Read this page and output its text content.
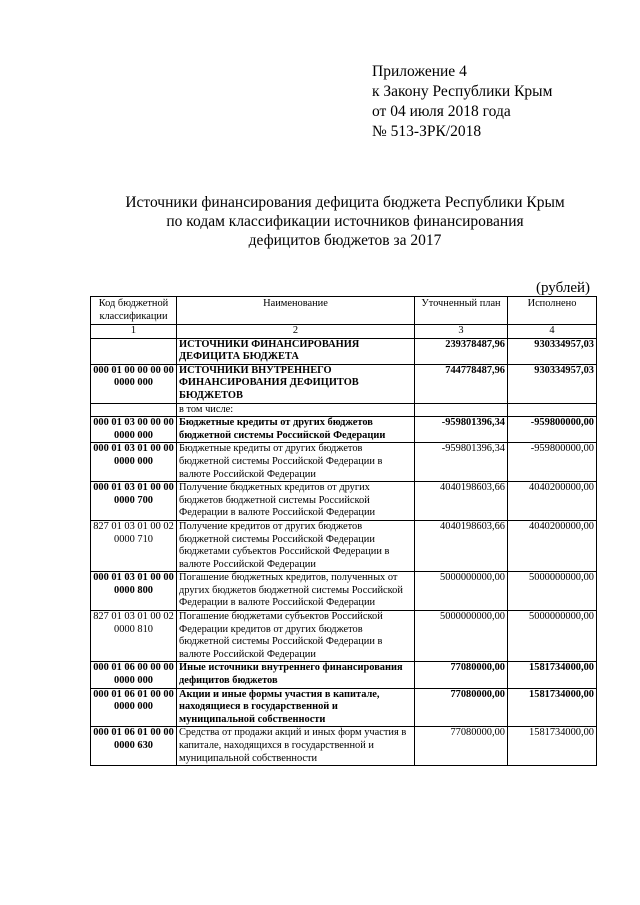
Приложение 4
к Закону Республики Крым
от 04 июля 2018 года
№ 513-ЗРК/2018
Источники финансирования дефицита бюджета Республики Крым
по кодам классификации источников финансирования
дефицитов бюджетов за 2017
(рублей)
Код бюджетной классификации	Наименование	Уточненный план	Исполнено
1	2	3	4
	ИСТОЧНИКИ ФИНАНСИРОВАНИЯ ДЕФИЦИТА БЮДЖЕТА	239378487,96	930334957,03
000 01 00 00 00 00 0000 000	ИСТОЧНИКИ ВНУТРЕННЕГО ФИНАНСИРОВАНИЯ ДЕФИЦИТОВ БЮДЖЕТОВ	744778487,96	930334957,03
	в том числе:		
000 01 03 00 00 00 0000 000	Бюджетные кредиты от других бюджетов бюджетной системы Российской Федерации	-959801396,34	-959800000,00
000 01 03 01 00 00 0000 000	Бюджетные кредиты от других бюджетов бюджетной системы Российской Федерации в валюте Российской Федерации	-959801396,34	-959800000,00
000 01 03 01 00 00 0000 700	Получение бюджетных кредитов от других бюджетов бюджетной системы Российской Федерации в валюте Российской Федерации	4040198603,66	4040200000,00
827 01 03 01 00 02 0000 710	Получение кредитов от других бюджетов бюджетной системы Российской Федерации бюджетами субъектов Российской Федерации в валюте Российской Федерации	4040198603,66	4040200000,00
000 01 03 01 00 00 0000 800	Погашение бюджетных кредитов, полученных от других бюджетов бюджетной системы Российской Федерации в валюте Российской Федерации	5000000000,00	5000000000,00
827 01 03 01 00 02 0000 810	Погашение бюджетами субъектов Российской Федерации кредитов от других бюджетов бюджетной системы Российской Федерации в валюте Российской Федерации	5000000000,00	5000000000,00
000 01 06 00 00 00 0000 000	Иные источники внутреннего финансирования дефицитов бюджетов	77080000,00	1581734000,00
000 01 06 01 00 00 0000 000	Акции и иные формы участия в капитале, находящиеся в государственной и муниципальной собственности	77080000,00	1581734000,00
000 01 06 01 00 00 0000 630	Средства от продажи акций и иных форм участия в капитале, находящихся в государственной и муниципальной собственности	77080000,00	1581734000,00
